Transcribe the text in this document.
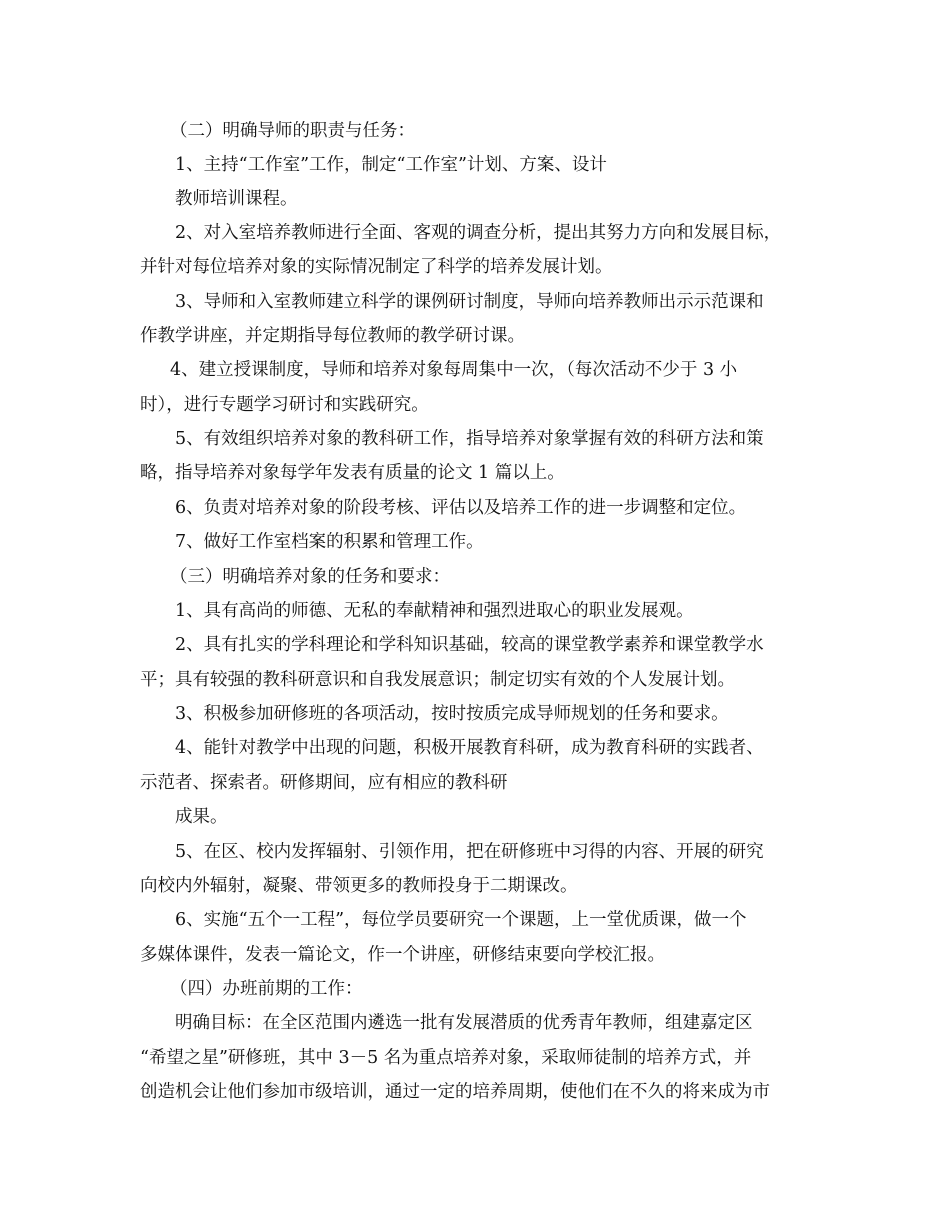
（二）明确导师的职责与任务：
1、主持“工作室”工作，制定“工作室”计划、方案、设计
教师培训课程。
2、对入室培养教师进行全面、客观的调查分析，提出其努力方向和发展目标，
并针对每位培养对象的实际情况制定了科学的培养发展计划。
3、导师和入室教师建立科学的课例研讨制度，导师向培养教师出示示范课和
作教学讲座，并定期指导每位教师的教学研讨课。
4、建立授课制度，导师和培养对象每周集中一次，（每次活动不少于 3 小
时），进行专题学习研讨和实践研究。
5、有效组织培养对象的教科研工作，指导培养对象掌握有效的科研方法和策
略，指导培养对象每学年发表有质量的论文 1 篇以上。
6、负责对培养对象的阶段考核、评估以及培养工作的进一步调整和定位。
7、做好工作室档案的积累和管理工作。
（三）明确培养对象的任务和要求：
1、具有高尚的师德、无私的奉献精神和强烈进取心的职业发展观。
2、具有扎实的学科理论和学科知识基础，较高的课堂教学素养和课堂教学水
平；具有较强的教科研意识和自我发展意识；制定切实有效的个人发展计划。
3、积极参加研修班的各项活动，按时按质完成导师规划的任务和要求。
4、能针对教学中出现的问题，积极开展教育科研，成为教育科研的实践者、
示范者、探索者。研修期间，应有相应的教科研
成果。
5、在区、校内发挥辐射、引领作用，把在研修班中习得的内容、开展的研究
向校内外辐射，凝聚、带领更多的教师投身于二期课改。
6、实施“五个一工程”，每位学员要研究一个课题，上一堂优质课，做一个
多媒体课件，发表一篇论文，作一个讲座，研修结束要向学校汇报。
（四）办班前期的工作：
明确目标：在全区范围内遴选一批有发展潜质的优秀青年教师，组建嘉定区
“希望之星”研修班，其中 3－5 名为重点培养对象，采取师徒制的培养方式，并
创造机会让他们参加市级培训，通过一定的培养周期，使他们在不久的将来成为市
